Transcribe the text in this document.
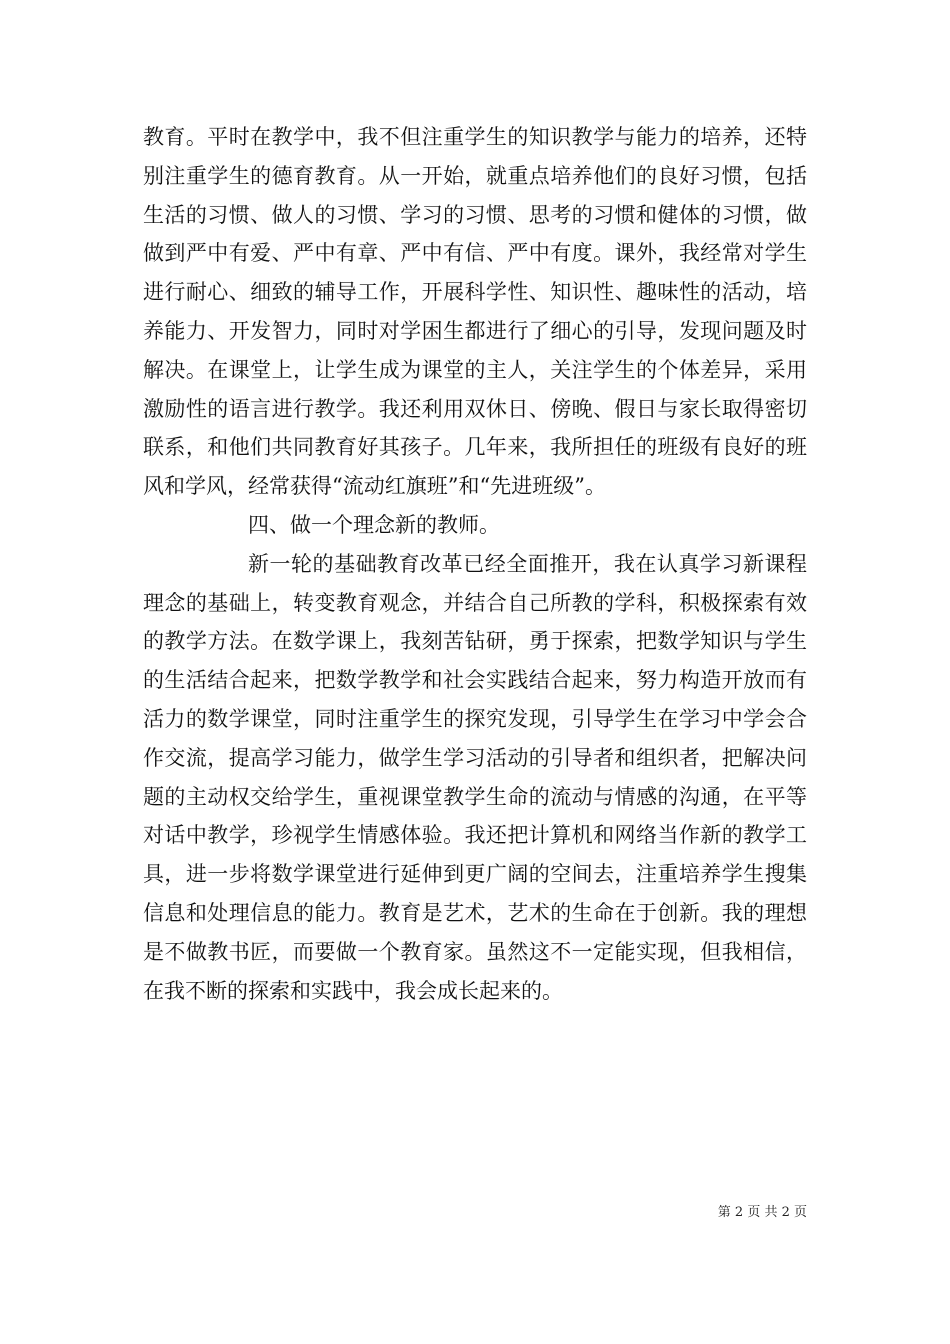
教育。平时在教学中，我不但注重学生的知识教学与能力的培养，还特别注重学生的德育教育。从一开始，就重点培养他们的良好习惯，包括生活的习惯、做人的习惯、学习的习惯、思考的习惯和健体的习惯，做做到严中有爱、严中有章、严中有信、严中有度。课外，我经常对学生进行耐心、细致的辅导工作，开展科学性、知识性、趣味性的活动，培养能力、开发智力，同时对学困生都进行了细心的引导，发现问题及时解决。在课堂上，让学生成为课堂的主人，关注学生的个体差异，采用激励性的语言进行教学。我还利用双休日、傍晚、假日与家长取得密切联系，和他们共同教育好其孩子。几年来，我所担任的班级有良好的班风和学风，经常获得“流动红旗班”和“先进班级”。

四、做一个理念新的教师。

新一轮的基础教育改革已经全面推开，我在认真学习新课程理念的基础上，转变教育观念，并结合自己所教的学科，积极探索有效的教学方法。在数学课上，我刻苦钻研，勇于探索，把数学知识与学生的生活结合起来，把数学教学和社会实践结合起来，努力构造开放而有活力的数学课堂，同时注重学生的探究发现，引导学生在学习中学会合作交流，提高学习能力，做学生学习活动的引导者和组织者，把解决问题的主动权交给学生，重视课堂教学生命的流动与情感的沟通，在平等对话中教学，珍视学生情感体验。我还把计算机和网络当作新的教学工具，进一步将数学课堂进行延伸到更广阔的空间去，注重培养学生搜集信息和处理信息的能力。教育是艺术，艺术的生命在于创新。我的理想是不做教书匠，而要做一个教育家。虽然这不一定能实现，但我相信，在我不断的探索和实践中，我会成长起来的。

第 2 页 共 2 页
